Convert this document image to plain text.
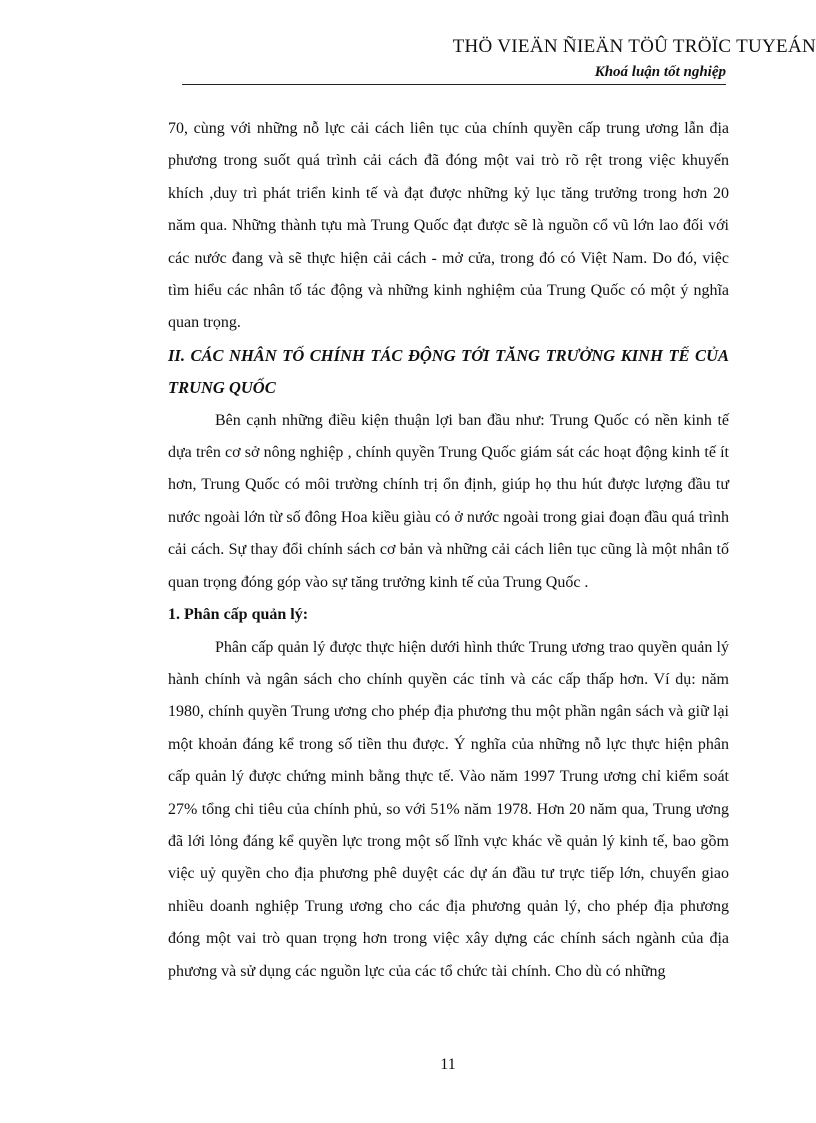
THÖ VIEÄN ÑIEÄN TÖÛ TRÖÏC TUYEÁN
Khoá luận tốt nghiệp

70, cùng với những nỗ lực cải cách liên tục của chính quyền cấp trung ương lẫn địa phương trong suốt quá trình cải cách đã đóng một vai trò rõ rệt trong việc khuyến khích ,duy trì phát triển kinh tế và đạt được những kỷ lục tăng trưởng trong hơn 20 năm qua. Những thành tựu mà Trung Quốc đạt được sẽ là nguồn cổ vũ lớn lao đối với các nước đang và sẽ thực hiện cải cách - mở cửa, trong đó có Việt Nam. Do đó, việc tìm hiểu các nhân tố tác động và những kinh nghiệm của Trung Quốc có một ý nghĩa quan trọng.

II. CÁC NHÂN TỐ CHÍNH TÁC ĐỘNG TỚI TĂNG TRƯỞNG KINH TẾ CỦA TRUNG QUỐC

Bên cạnh những điều kiện thuận lợi ban đầu như: Trung Quốc có nền kinh tế dựa trên cơ sở nông nghiệp , chính quyền Trung Quốc giám sát các hoạt động kinh tế ít hơn, Trung Quốc có môi trường chính trị ổn định, giúp họ thu hút được lượng đầu tư nước ngoài lớn từ số đông Hoa kiều giàu có ở nước ngoài trong giai đoạn đầu quá trình cải cách. Sự thay đổi chính sách cơ bản và những cải cách liên tục cũng là một nhân tố quan trọng đóng góp vào sự tăng trưởng kinh tế của Trung Quốc .

1. Phân cấp quản lý:

Phân cấp quản lý được thực hiện dưới hình thức Trung ương trao quyền quản lý hành chính và ngân sách cho chính quyền các tỉnh và các cấp thấp hơn. Ví dụ: năm 1980, chính quyền Trung ương cho phép địa phương thu một phần ngân sách và giữ lại một khoản đáng kể trong số tiền thu được. Ý nghĩa của những nỗ lực thực hiện phân cấp quản lý được chứng minh bằng thực tế. Vào năm 1997 Trung ương chỉ kiểm soát 27% tổng chi tiêu của chính phủ, so với 51% năm 1978. Hơn 20 năm qua, Trung ương đã lới lỏng đáng kể quyền lực trong một số lĩnh vực khác về quản lý kinh tế, bao gồm việc uỷ quyền cho địa phương phê duyệt các dự án đầu tư trực tiếp lớn, chuyển giao nhiều doanh nghiệp Trung ương cho các địa phương quản lý, cho phép địa phương đóng một vai trò quan trọng hơn trong việc xây dựng các chính sách ngành của địa phương và sử dụng các nguồn lực của các tổ chức tài chính. Cho dù có những

11
